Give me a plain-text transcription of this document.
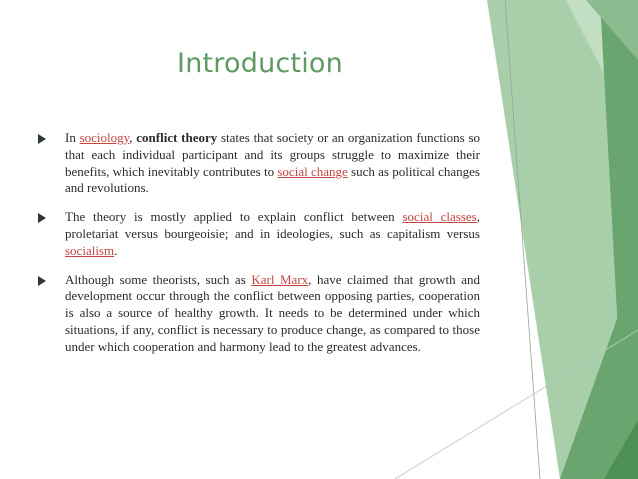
Introduction
In sociology, conflict theory states that society or an organization functions so that each individual participant and its groups struggle to maximize their benefits, which inevitably contributes to social change such as political changes and revolutions.
The theory is mostly applied to explain conflict between social classes, proletariat versus bourgeoisie; and in ideologies, such as capitalism versus socialism.
Although some theorists, such as Karl Marx, have claimed that growth and development occur through the conflict between opposing parties, cooperation is also a source of healthy growth. It needs to be determined under which situations, if any, conflict is necessary to produce change, as compared to those under which cooperation and harmony lead to the greatest advances.
